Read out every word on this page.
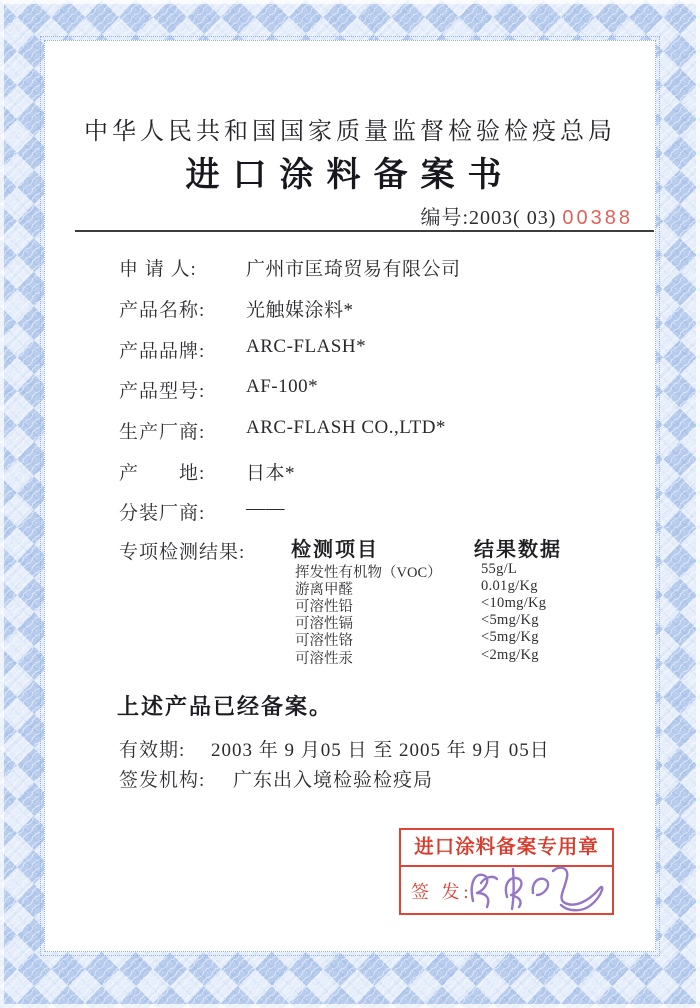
中华人民共和国国家质量监督检验检疫总局
进口涂料备案书
编号:2003( 03) 00388
申 请 人:	广州市匡琦贸易有限公司
产品名称: 光触媒涂料*
产品品牌: ARC-FLASH*
产品型号: AF-100*
生产厂商: ARC-FLASH CO.,LTD*
产　　地: 日本*
分装厂商: ——
专项检测结果: 检测项目	结果数据
挥发性有机物（VOC）	55g/L
游离甲醛	0.01g/Kg
可溶性铅	<10mg/Kg
可溶性镉	<5mg/Kg
可溶性铬	<5mg/Kg
可溶性汞	<2mg/Kg
上述产品已经备案。
有效期: 2003 年 9 月05 日 至 2005 年 9月 05日
签发机构: 广东出入境检验检疫局
进口涂料备案专用章
签 发:
